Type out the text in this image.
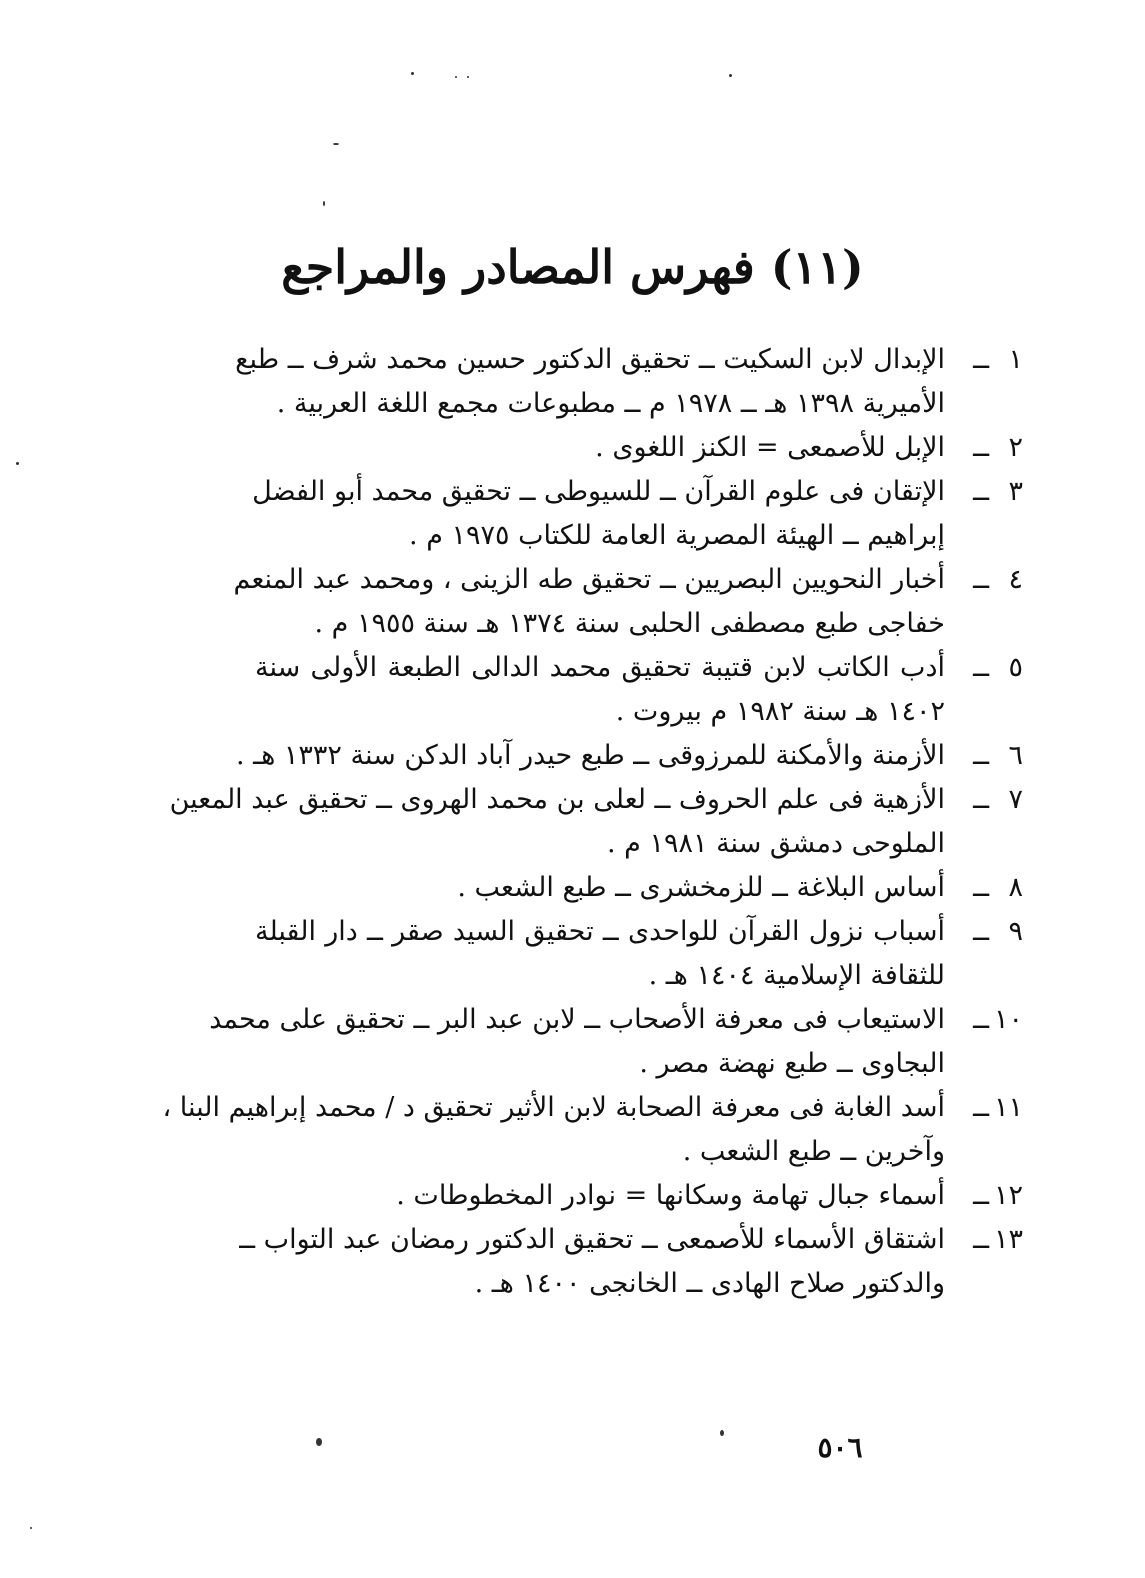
(١١) فهرس المصادر والمراجع
١
ــ
الإبدال لابن السكيت ــ تحقيق الدكتور حسين محمد شرف ــ طبع
الأميرية ١٣٩٨ هـ ــ ١٩٧٨ م ــ مطبوعات مجمع اللغة العربية .
٢
ــ
الإبل للأصمعى = الكنز اللغوى .
٣
ــ
الإتقان فى علوم القرآن ــ للسيوطى ــ تحقيق محمد أبو الفضل
إبراهيم ــ الهيئة المصرية العامة للكتاب ١٩٧٥ م .
٤
ــ
أخبار النحويين البصريين ــ تحقيق طه الزينى ، ومحمد عبد المنعم
خفاجى طبع مصطفى الحلبى سنة ١٣٧٤ هـ سنة ١٩٥٥ م .
٥
ــ
أدب الكاتب لابن قتيبة تحقيق محمد الدالى الطبعة الأولى سنة
١٤٠٢ هـ سنة ١٩٨٢ م بيروت .
٦
ــ
الأزمنة والأمكنة للمرزوقى ــ طبع حيدر آباد الدكن سنة ١٣٣٢ هـ .
٧
ــ
الأزهية فى علم الحروف ــ لعلى بن محمد الهروى ــ تحقيق عبد المعين
الملوحى دمشق سنة ١٩٨١ م .
٨
ــ
أساس البلاغة ــ للزمخشرى ــ طبع الشعب .
٩
ــ
أسباب نزول القرآن للواحدى ــ تحقيق السيد صقر ــ دار القبلة
للثقافة الإسلامية ١٤٠٤ هـ .
١٠
ــ
الاستيعاب فى معرفة الأصحاب ــ لابن عبد البر ــ تحقيق على محمد
البجاوى ــ طبع نهضة مصر .
١١
ــ
أسد الغابة فى معرفة الصحابة لابن الأثير تحقيق د / محمد إبراهيم البنا ،
وآخرين ــ طبع الشعب .
١٢
ــ
أسماء جبال تهامة وسكانها = نوادر المخطوطات .
١٣
ــ
اشتقاق الأسماء للأصمعى ــ تحقيق الدكتور رمضان عبد التواب ــ
والدكتور صلاح الهادى ــ الخانجى ١٤٠٠ هـ .
٥٠٦
